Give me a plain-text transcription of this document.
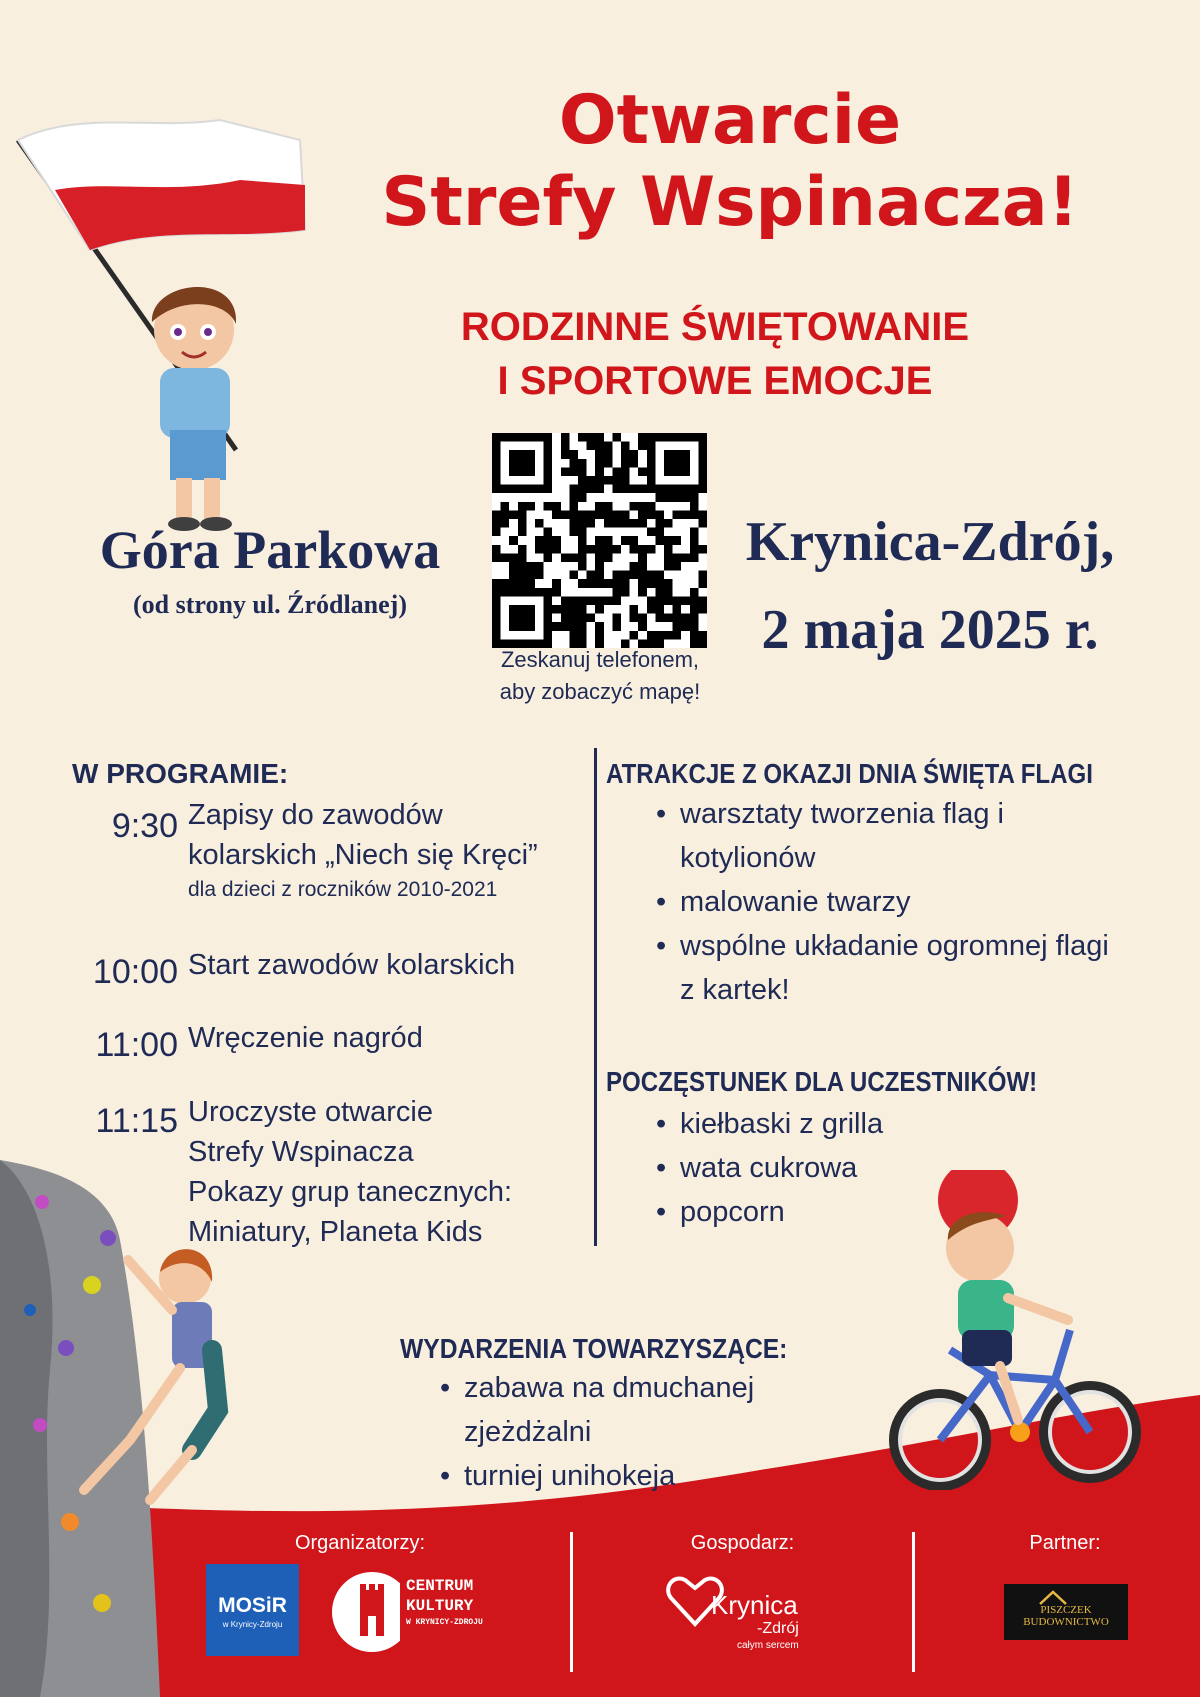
Otwarcie
Strefy Wspinacza!
RODZINNE ŚWIĘTOWANIE
I SPORTOWE EMOCJE
Góra Parkowa
(od strony ul. Źródlanej)
Zeskanuj telefonem,
aby zobaczyć mapę!
Krynica-Zdrój,
2 maja 2025 r.
W PROGRAMIE:
9:30 Zapisy do zawodów
kolarskich „Niech się Kręci”
dla dzieci z roczników 2010-2021
10:00 Start zawodów kolarskich
11:00 Wręczenie nagród
11:15 Uroczyste otwarcie
Strefy Wspinacza
Pokazy grup tanecznych:
Miniatury, Planeta Kids
ATRAKCJE Z OKAZJI DNIA ŚWIĘTA FLAGI
• warsztaty tworzenia flag i kotylionów
• malowanie twarzy
• wspólne układanie ogromnej flagi z kartek!
POCZĘSTUNEK DLA UCZESTNIKÓW!
• kiełbaski z grilla
• wata cukrowa
• popcorn
WYDARZENIA TOWARZYSZĄCE:
• zabawa na dmuchanej zjeżdżalni
• turniej unihokeja
Organizatorzy:	Gospodarz:	Partner:
MOSiR
w Krynicy-Zdroju
CENTRUM
KULTURY
W KRYNICY-ZDROJU
Krynica
-Zdrój
całym sercem
PISZCZEK
BUDOWNICTWO
